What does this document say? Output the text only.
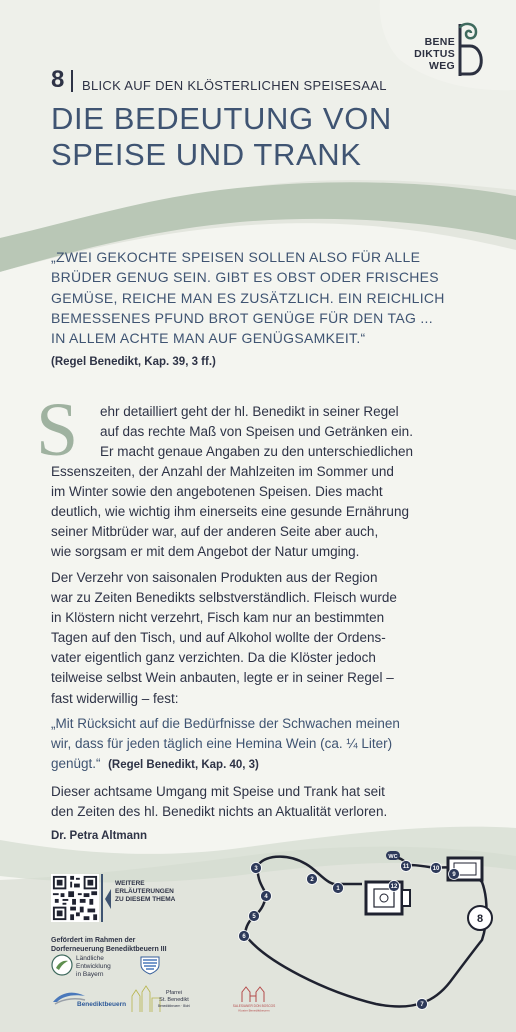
BENE
DIKTUS
WEG
8 BLICK AUF DEN KLÖSTERLICHEN SPEISESAAL
DIE BEDEUTUNG VON
SPEISE UND TRANK
„ZWEI GEKOCHTE SPEISEN SOLLEN ALSO FÜR ALLE
BRÜDER GENUG SEIN. GIBT ES OBST ODER FRISCHES
GEMÜSE, REICHE MAN ES ZUSÄTZLICH. EIN REICHLICH
BEMESSENES PFUND BROT GENÜGE FÜR DEN TAG ...
IN ALLEM ACHTE MAN AUF GENÜGSAMKEIT.“
(Regel Benedikt, Kap. 39, 3 ff.)
S ehr detailliert geht der hl. Benedikt in seiner Regel
auf das rechte Maß von Speisen und Getränken ein.
Er macht genaue Angaben zu den unterschiedlichen
Essenszeiten, der Anzahl der Mahlzeiten im Sommer und
im Winter sowie den angebotenen Speisen. Dies macht
deutlich, wie wichtig ihm einerseits eine gesunde Ernährung
seiner Mitbrüder war, auf der anderen Seite aber auch,
wie sorgsam er mit dem Angebot der Natur umging.
Der Verzehr von saisonalen Produkten aus der Region
war zu Zeiten Benedikts selbstverständlich. Fleisch wurde
in Klöstern nicht verzehrt, Fisch kam nur an bestimmten
Tagen auf den Tisch, und auf Alkohol wollte der Ordens-
vater eigentlich ganz verzichten. Da die Klöster jedoch
teilweise selbst Wein anbauten, legte er in seiner Regel –
fast widerwillig – fest:
„Mit Rücksicht auf die Bedürfnisse der Schwachen meinen
wir, dass für jeden täglich eine Hemina Wein (ca. ¼ Liter)
genügt.“ (Regel Benedikt, Kap. 40, 3)
Dieser achtsame Umgang mit Speise und Trank hat seit
den Zeiten des hl. Benedikt nichts an Aktualität verloren.
Dr. Petra Altmann
WEITERE
ERLÄUTERUNGEN
ZU DIESEM THEMA
Gefördert im Rahmen der
Dorferneuerung Benediktbeuern III
Ländliche Entwicklung
in Bayern
Benediktbeuern
Pfarrei
St. Benedikt
Benediktbeuern · Bichl	SALESIANER DON BOSCOS
Kloster Benediktbeuern
WC
1
2
3
4
5
6
7
9
10
11
12
8
